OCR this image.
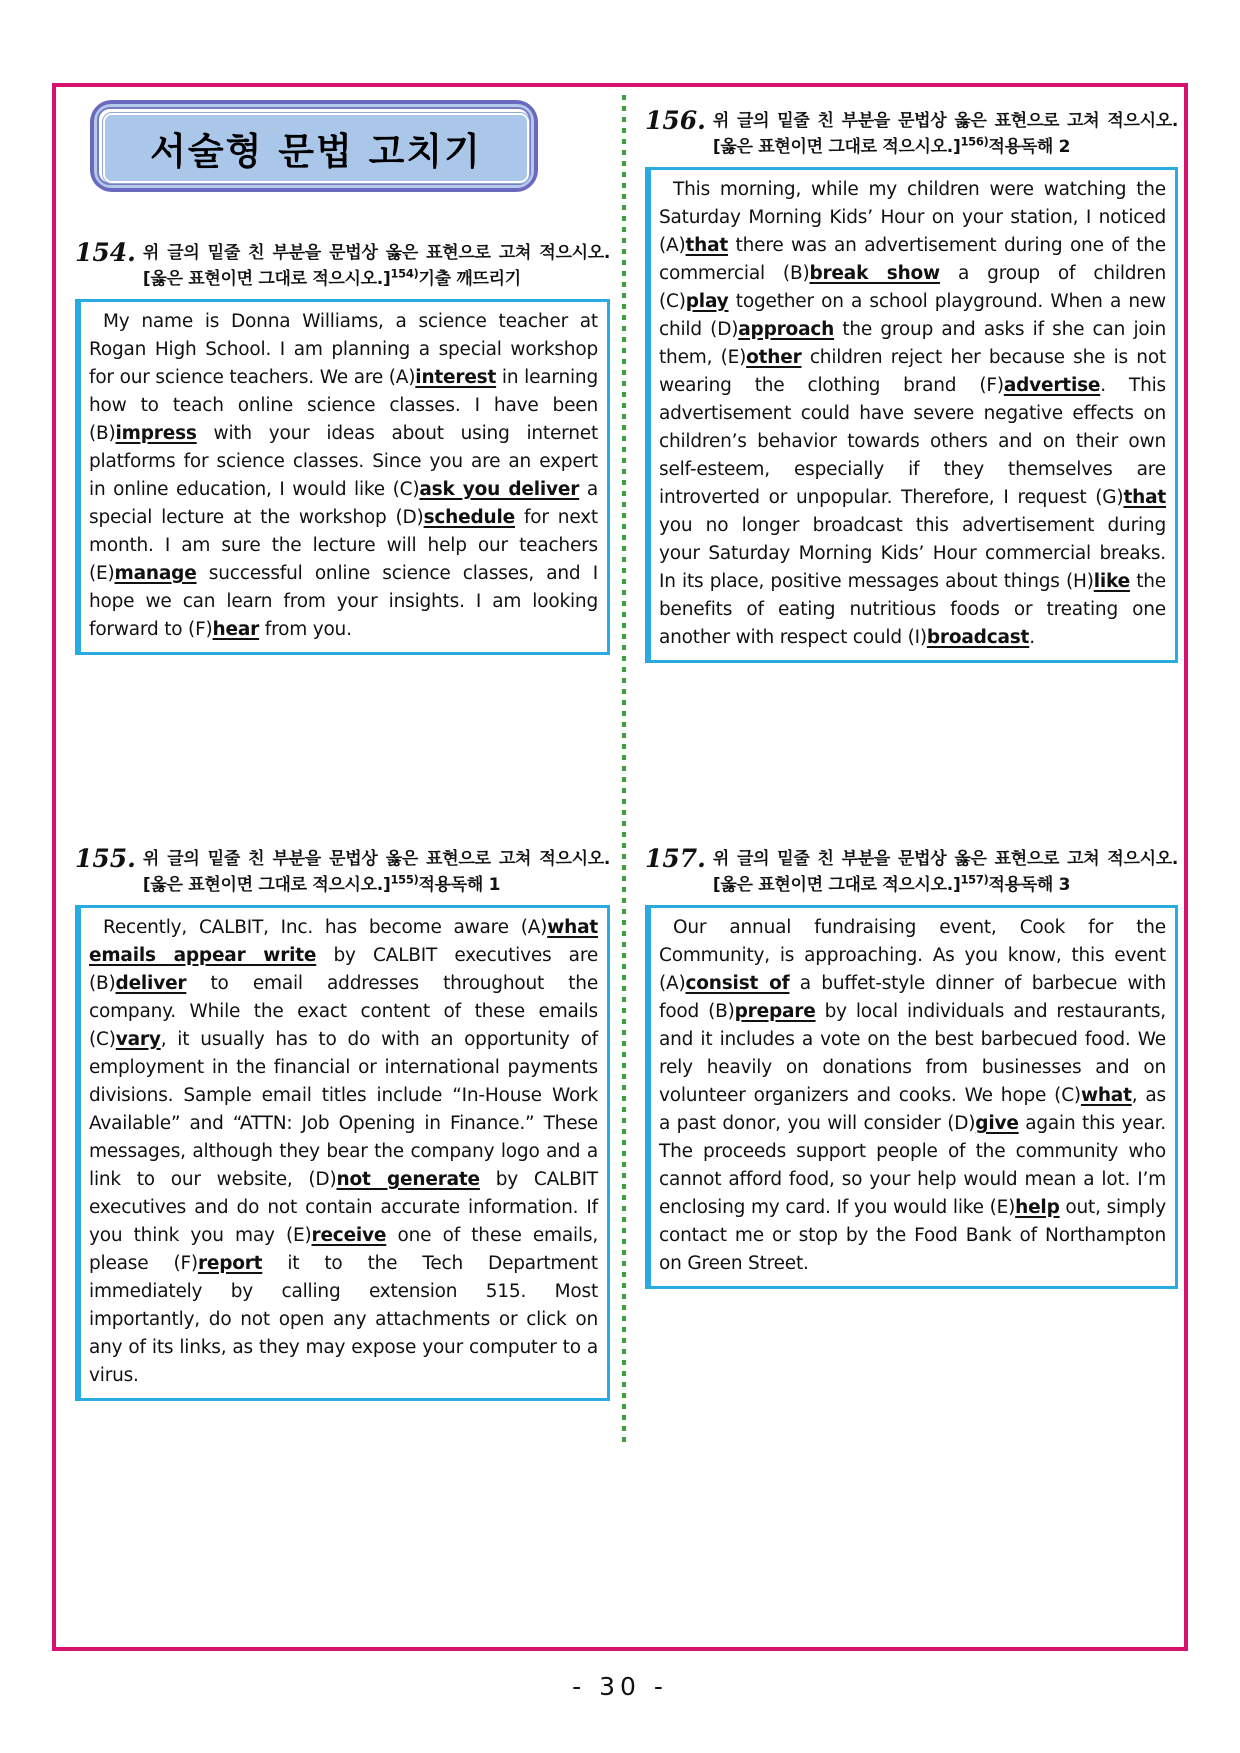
서술형 문법 고치기
154. 위 글의 밑줄 친 부분을 문법상 옳은 표현으로 고쳐 적으시오.[옳은 표현이면 그대로 적으시오.]$^{154)}$기출 깨뜨리기

My name is Donna Williams, a science teacher at Rogan High School. I am planning a special workshop for our science teachers. We are (A)interest in learning how to teach online science classes. I have been (B)impress with your ideas about using internet platforms for science classes. Since you are an expert in online education, I would like (C)ask you deliver a special lecture at the workshop (D)schedule for next month. I am sure the lecture will help our teachers (E)manage successful online science classes, and I hope we can learn from your insights. I am looking forward to (F)hear from you.

155. 위 글의 밑줄 친 부분을 문법상 옳은 표현으로 고쳐 적으시오.[옳은 표현이면 그대로 적으시오.]$^{155)}$적용독해 1

Recently, CALBIT, Inc. has become aware (A)what emails appear write by CALBIT executives are (B)deliver to email addresses throughout the company. While the exact content of these emails (C)vary, it usually has to do with an opportunity of employment in the financial or international payments divisions. Sample email titles include “In-House Work Available” and “ATTN: Job Opening in Finance.” These messages, although they bear the company logo and a link to our website, (D)not generate by CALBIT executives and do not contain accurate information. If you think you may (E)receive one of these emails, please (F)report it to the Tech Department immediately by calling extension 515. Most importantly, do not open any attachments or click on any of its links, as they may expose your computer to a virus.

156. 위 글의 밑줄 친 부분을 문법상 옳은 표현으로 고쳐 적으시오.[옳은 표현이면 그대로 적으시오.]$^{156)}$적용독해 2

This morning, while my children were watching the Saturday Morning Kids’ Hour on your station, I noticed (A)that there was an advertisement during one of the commercial (B)break show a group of children (C)play together on a school playground. When a new child (D)approach the group and asks if she can join them, (E)other children reject her because she is not wearing the clothing brand (F)advertise. This advertisement could have severe negative effects on children’s behavior towards others and on their own self-esteem, especially if they themselves are introverted or unpopular. Therefore, I request (G)that you no longer broadcast this advertisement during your Saturday Morning Kids’ Hour commercial breaks. In its place, positive messages about things (H)like the benefits of eating nutritious foods or treating one another with respect could (I)broadcast.

157. 위 글의 밑줄 친 부분을 문법상 옳은 표현으로 고쳐 적으시오.[옳은 표현이면 그대로 적으시오.]$^{157)}$적용독해 3

Our annual fundraising event, Cook for the Community, is approaching. As you know, this event (A)consist of a buffet-style dinner of barbecue with food (B)prepare by local individuals and restaurants, and it includes a vote on the best barbecued food. We rely heavily on donations from businesses and on volunteer organizers and cooks. We hope (C)what, as a past donor, you will consider (D)give again this year. The proceeds support people of the community who cannot afford food, so your help would mean a lot. I’m enclosing my card. If you would like (E)help out, simply contact me or stop by the Food Bank of Northampton on Green Street.

- 30 -
